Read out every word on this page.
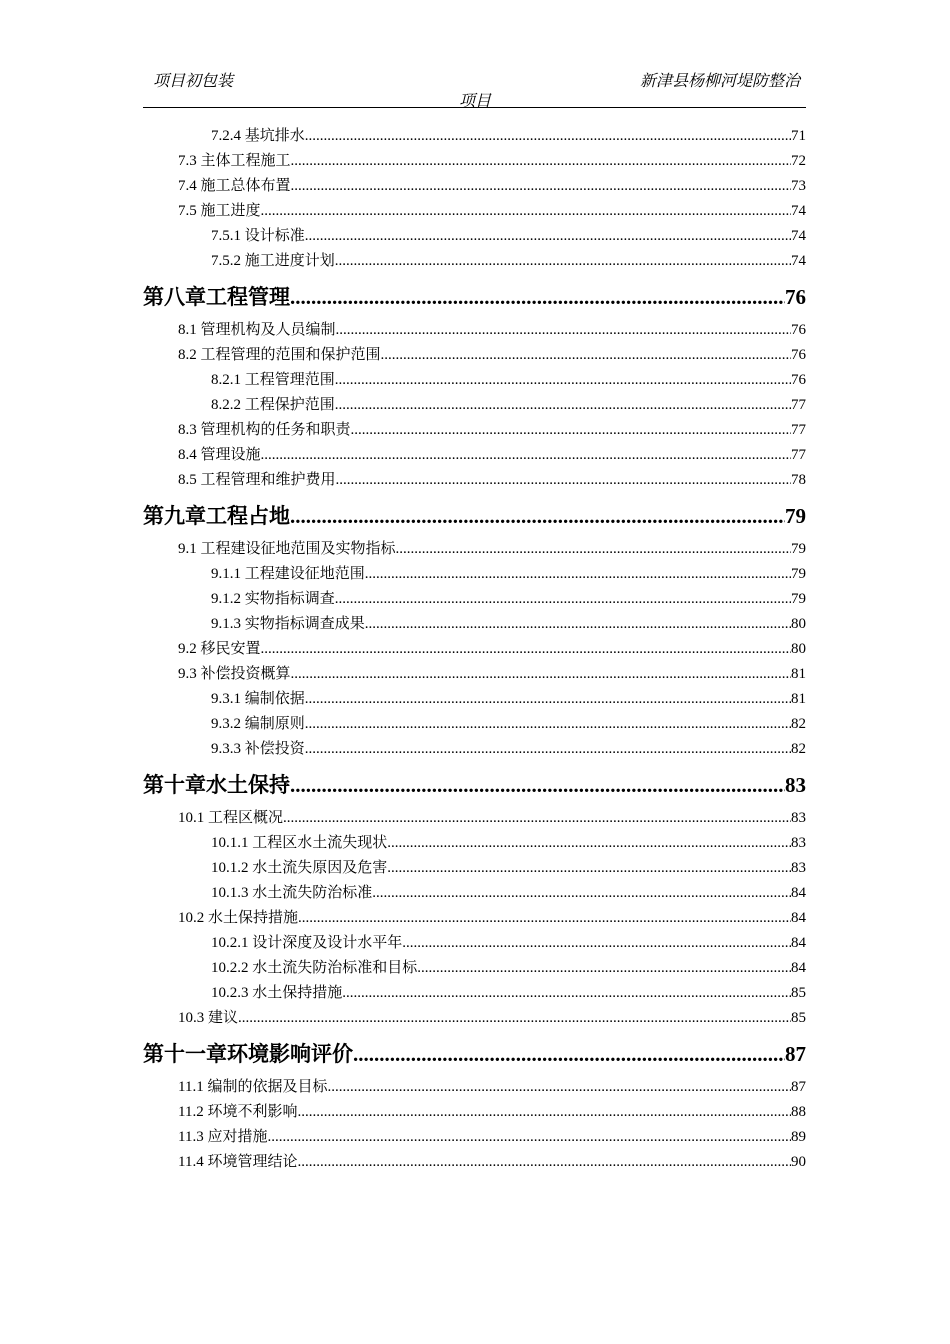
项目初包装	新津县杨柳河堤防整治
项目
7.2.4 基坑排水 .....	71
7.3 主体工程施工 .....	72
7.4 施工总体布置 .....	73
7.5 施工进度 .....	74
7.5.1 设计标准 .....	74
7.5.2 施工进度计划 .....	74
第八章工程管理 .....	76
8.1 管理机构及人员编制 .....	76
8.2 工程管理的范围和保护范围 .....	76
8.2.1 工程管理范围 .....	76
8.2.2 工程保护范围 .....	77
8.3 管理机构的任务和职责 .....	77
8.4 管理设施 .....	77
8.5 工程管理和维护费用 .....	78
第九章工程占地 .....	79
9.1 工程建设征地范围及实物指标 .....	79
9.1.1 工程建设征地范围 .....	79
9.1.2 实物指标调查 .....	79
9.1.3 实物指标调查成果 .....	80
9.2 移民安置 .....	80
9.3 补偿投资概算 .....	81
9.3.1 编制依据 .....	81
9.3.2 编制原则 .....	82
9.3.3 补偿投资 .....	82
第十章水土保持 .....	83
10.1 工程区概况 .....	83
10.1.1 工程区水土流失现状 .....	83
10.1.2 水土流失原因及危害 .....	83
10.1.3 水土流失防治标准 .....	84
10.2 水土保持措施 .....	84
10.2.1 设计深度及设计水平年 .....	84
10.2.2 水土流失防治标准和目标 .....	84
10.2.3 水土保持措施 .....	85
10.3 建议 .....	85
第十一章环境影响评价 .....	87
11.1 编制的依据及目标 .....	87
11.2 环境不利影响 .....	88
11.3 应对措施 .....	89
11.4 环境管理结论 .....	90
